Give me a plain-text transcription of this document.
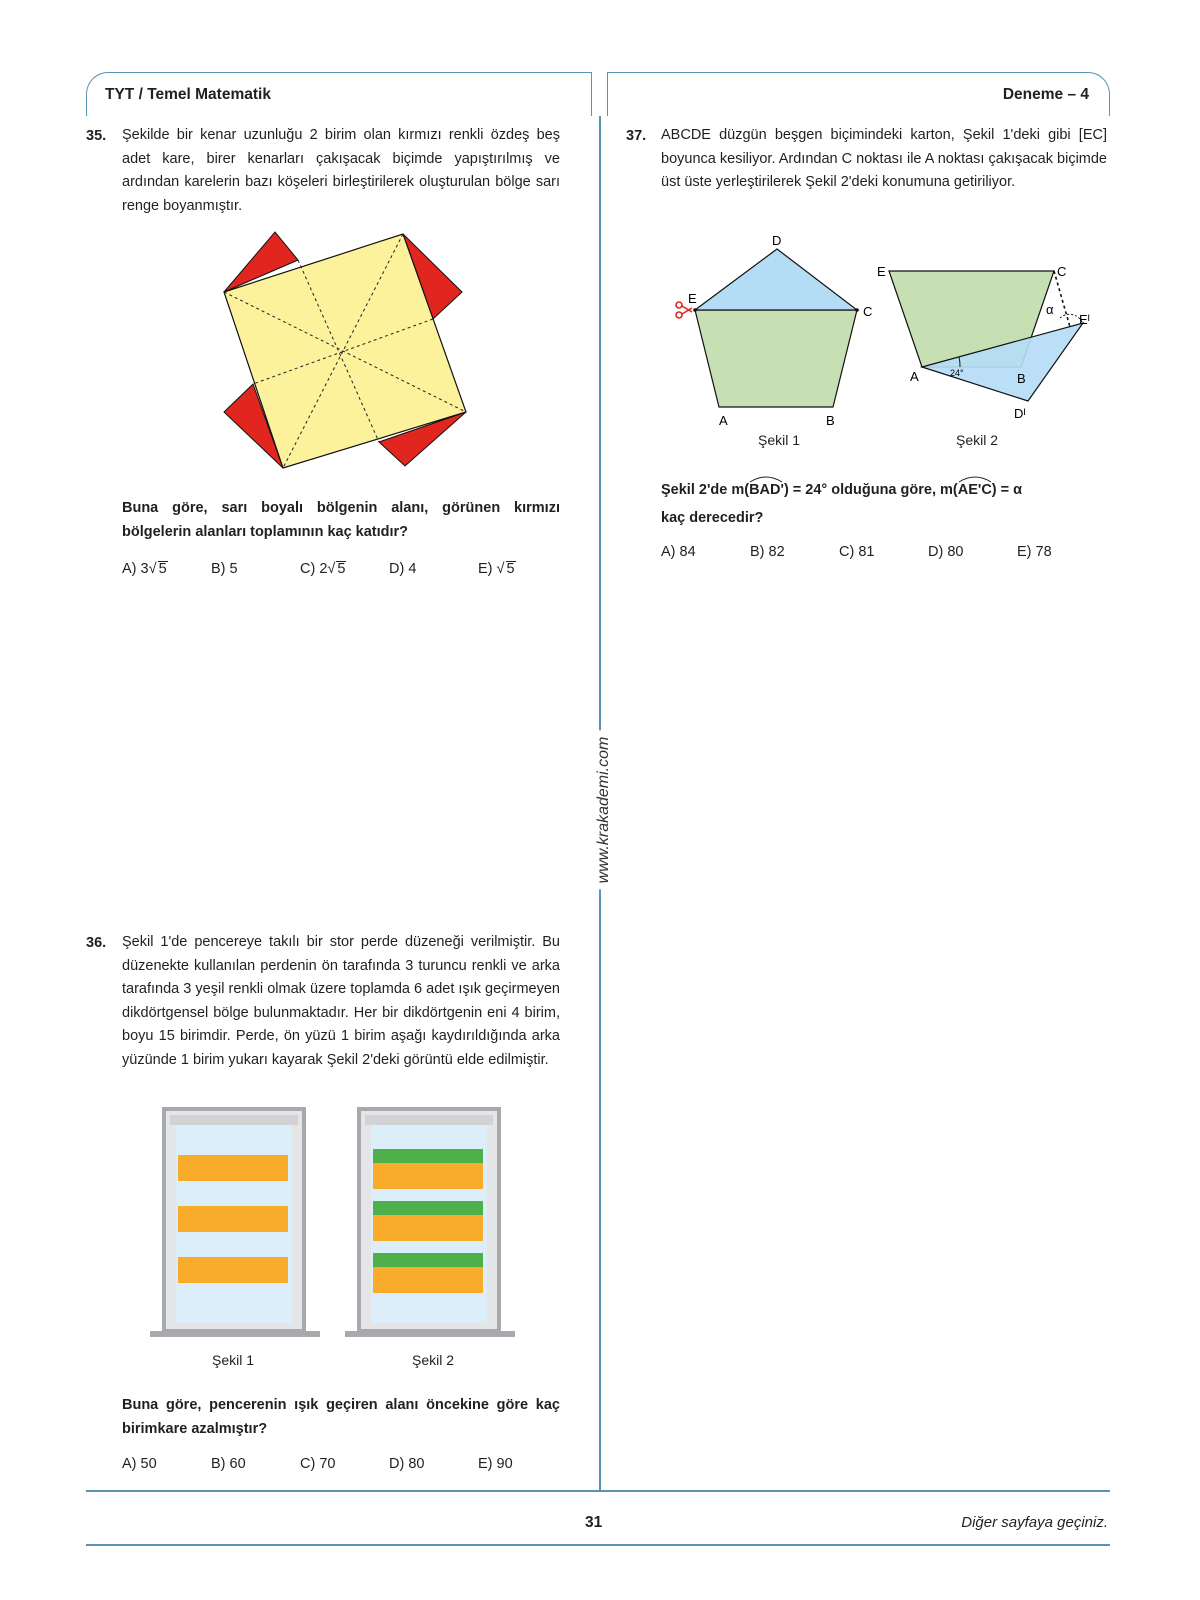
TYT / Temel Matematik	Deneme – 4
www.krakademi.com
35. Şekilde bir kenar uzunluğu 2 birim olan kırmızı renkli özdeş beş adet kare, birer kenarları çakışacak biçimde yapıştırılmış ve ardından karelerin bazı köşeleri birleştirilerek oluşturulan bölge sarı renge boyanmıştır.
Buna göre, sarı boyalı bölgenin alanı, görünen kırmızı bölgelerin alanları toplamının kaç katıdır?
A) 3√ 5	B) 5	C) 2√ 5	D) 4	E) √ 5
36. Şekil 1'de pencereye takılı bir stor perde düzeneği verilmiştir. Bu düzenekte kullanılan perdenin ön tarafında 3 turuncu renkli ve arka tarafında 3 yeşil renkli olmak üzere toplamda 6 adet ışık geçirmeyen dikdörtgensel bölge bulunmaktadır. Her bir dikdörtgenin eni 4 birim, boyu 15 birimdir. Perde, ön yüzü 1 birim aşağı kaydırıldığında arka yüzünde 1 birim yukarı kayarak Şekil 2'deki görüntü elde edilmiştir.
Şekil 1	Şekil 2
Buna göre, pencerenin ışık geçiren alanı öncekine göre kaç birimkare azalmıştır?
A) 50	B) 60	C) 70	D) 80	E) 90
37. ABCDE düzgün beşgen biçimindeki karton, Şekil 1'deki gibi [EC] boyunca kesiliyor. Ardından C noktası ile A noktası çakışacak biçimde üst üste yerleştirilerek Şekil 2'deki konumuna getiriliyor.
D
E
C
A	B
Şekil 1
E	C
Eᴵ
α
A	B
Dᴵ
24°
Şekil 2
Şekil 2'de m(
BAD') = 24° olduğuna göre, m(
AE'C) = α
kaç derecedir?
A) 84	B) 82	C) 81	D) 80	E) 78
31	Diğer sayfaya geçiniz.
